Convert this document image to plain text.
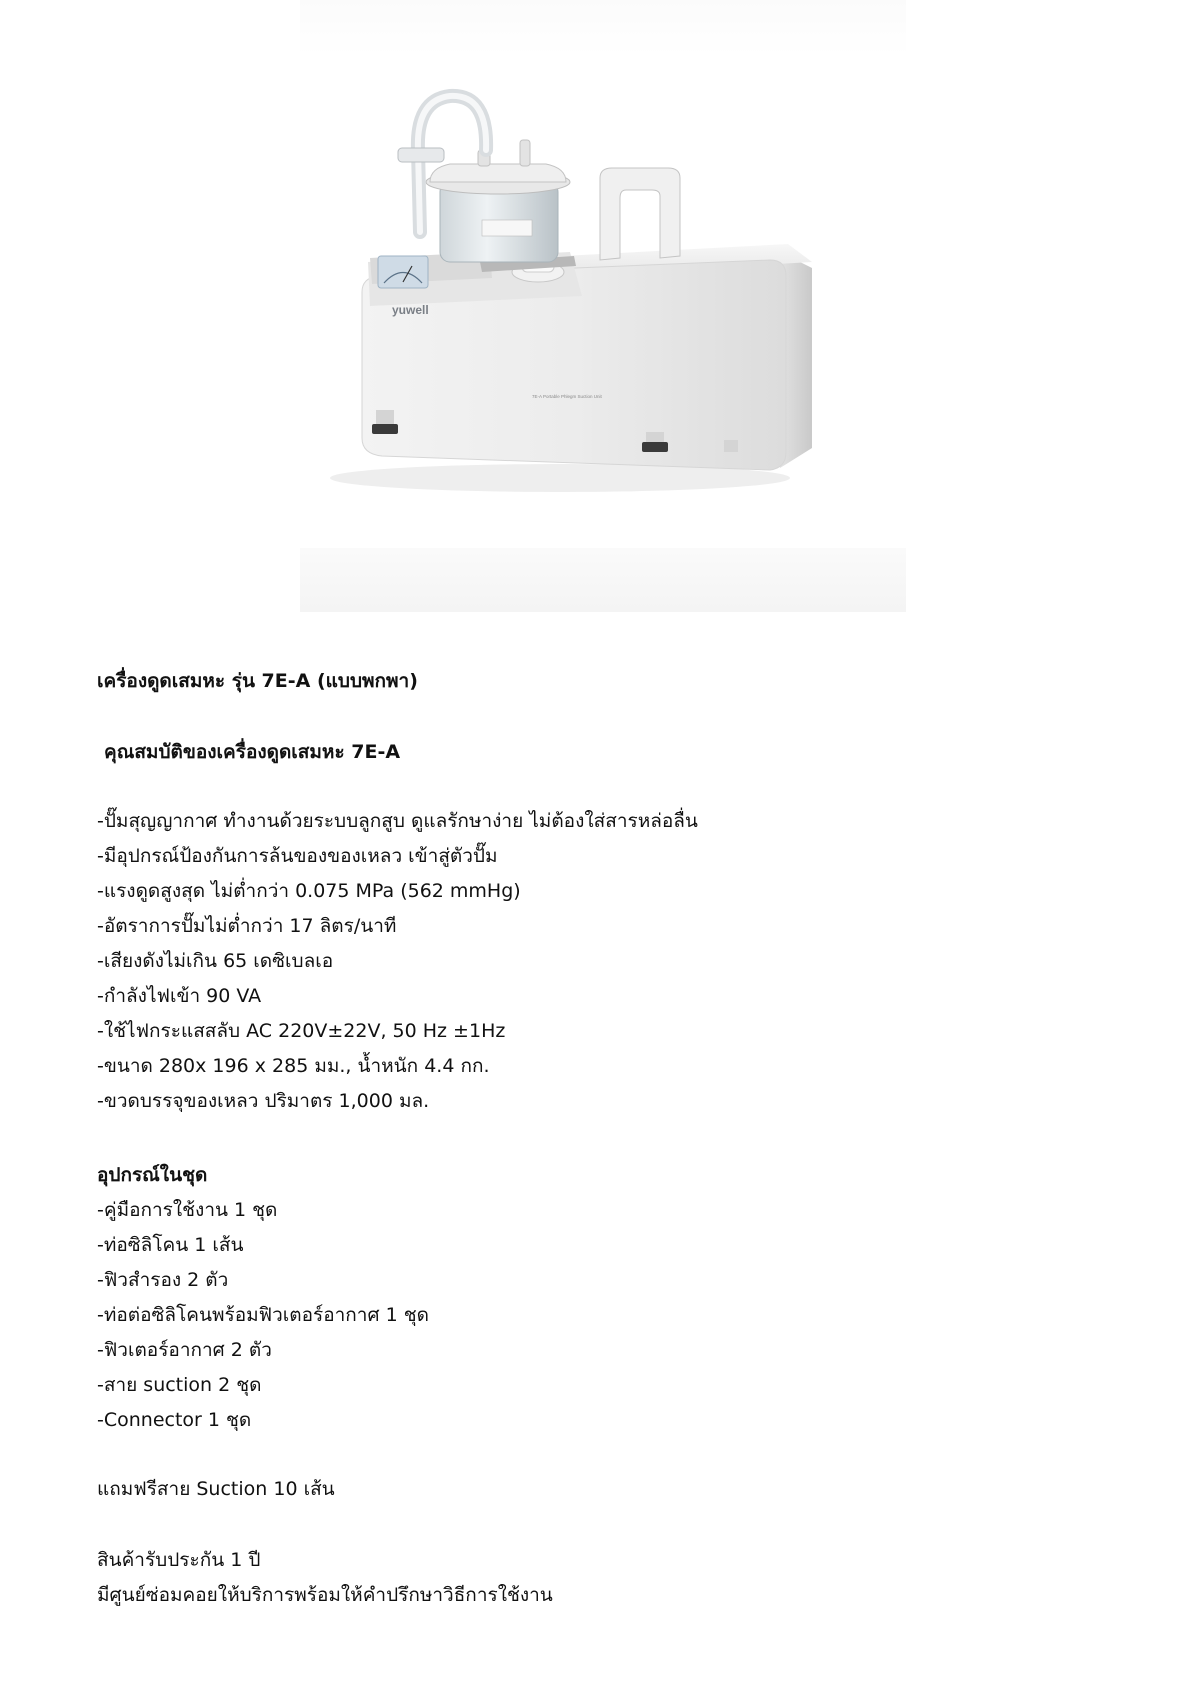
yuwell
7E-A Portable Phlegm Suction Unit
เครื่องดูดเสมหะ รุ่น 7E-A (แบบพกพา)
คุณสมบัติของเครื่องดูดเสมหะ 7E-A
-ปั๊มสุญญากาศ ทำงานด้วยระบบลูกสูบ ดูแลรักษาง่าย ไม่ต้องใส่สารหล่อลื่น
-มีอุปกรณ์ป้องกันการล้นของของเหลว เข้าสู่ตัวปั๊ม
-แรงดูดสูงสุด ไม่ต่ำกว่า 0.075 MPa (562 mmHg)
-อัตราการปั๊มไม่ต่ำกว่า 17 ลิตร/นาที
-เสียงดังไม่เกิน 65 เดซิเบลเอ
-กำลังไฟเข้า 90 VA
-ใช้ไฟกระแสสลับ AC 220V±22V, 50 Hz ±1Hz
-ขนาด 280x 196 x 285 มม., น้ำหนัก 4.4 กก.
-ขวดบรรจุของเหลว ปริมาตร 1,000 มล.
อุปกรณ์ในชุด
-คู่มือการใช้งาน 1 ชุด
-ท่อซิลิโคน 1 เส้น
-ฟิวสำรอง 2 ตัว
-ท่อต่อซิลิโคนพร้อมฟิวเตอร์อากาศ 1 ชุด
-ฟิวเตอร์อากาศ 2 ตัว
-สาย suction 2 ชุด
-Connector 1 ชุด
แถมฟรีสาย Suction 10 เส้น
สินค้ารับประกัน 1 ปี
มีศูนย์ซ่อมคอยให้บริการพร้อมให้คำปรึกษาวิธีการใช้งาน
